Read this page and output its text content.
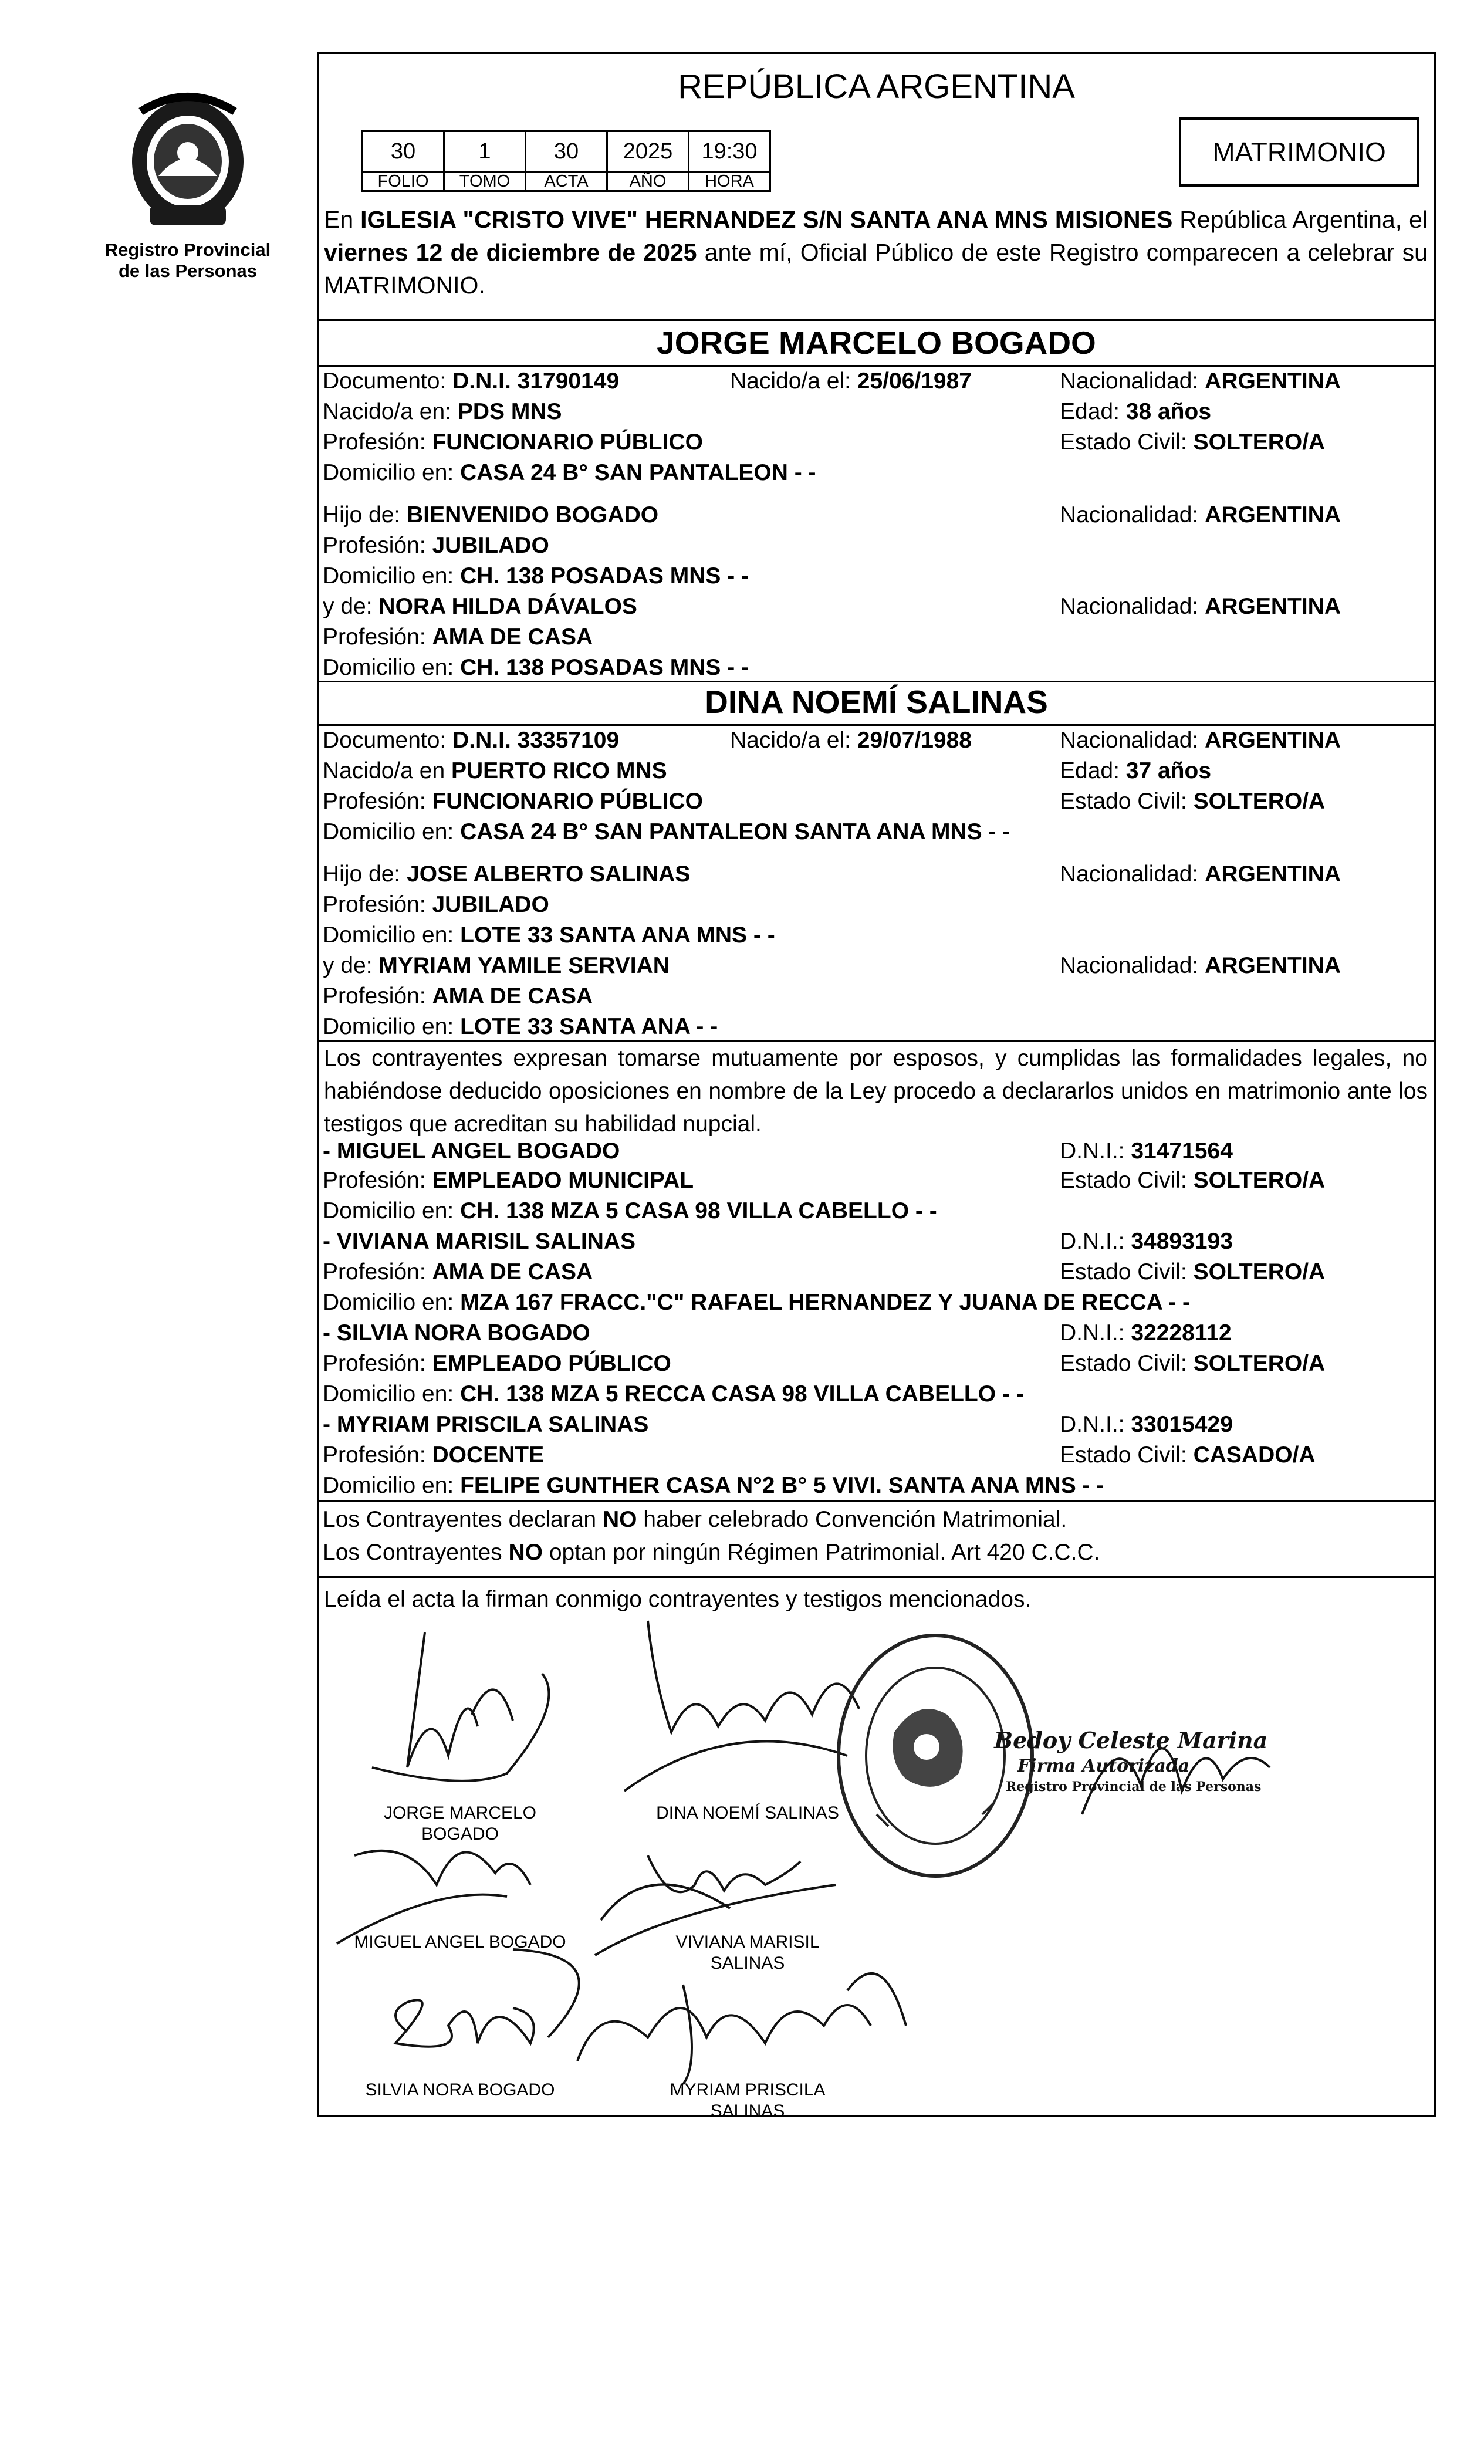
Registro Provincial
de las Personas
REPÚBLICA ARGENTINA
30	1	30	2025	19:30
FOLIO	TOMO	ACTA	AÑO	HORA
MATRIMONIO
En IGLESIA "CRISTO VIVE" HERNANDEZ S/N SANTA ANA MNS MISIONES República Argentina, el viernes 12 de diciembre de 2025 ante mí, Oficial Público de este Registro comparecen a celebrar su MATRIMONIO.
JORGE MARCELO BOGADO
Documento: D.N.I. 31790149	Nacido/a el: 25/06/1987	Nacionalidad: ARGENTINA
Nacido/a en: PDS MNS	Edad: 38 años
Profesión: FUNCIONARIO PÚBLICO	Estado Civil: SOLTERO/A
Domicilio en: CASA 24 B° SAN PANTALEON - -
Hijo de: BIENVENIDO BOGADO	Nacionalidad: ARGENTINA
Profesión: JUBILADO
Domicilio en: CH. 138 POSADAS MNS - -
y de: NORA HILDA DÁVALOS	Nacionalidad: ARGENTINA
Profesión: AMA DE CASA
Domicilio en: CH. 138 POSADAS MNS - -
DINA NOEMÍ SALINAS
Documento: D.N.I. 33357109	Nacido/a el: 29/07/1988	Nacionalidad: ARGENTINA
Nacido/a en PUERTO RICO MNS	Edad: 37 años
Profesión: FUNCIONARIO PÚBLICO	Estado Civil: SOLTERO/A
Domicilio en: CASA 24 B° SAN PANTALEON SANTA ANA MNS - -
Hijo de: JOSE ALBERTO SALINAS	Nacionalidad: ARGENTINA
Profesión: JUBILADO
Domicilio en: LOTE 33 SANTA ANA MNS - -
y de: MYRIAM YAMILE SERVIAN	Nacionalidad: ARGENTINA
Profesión: AMA DE CASA
Domicilio en: LOTE 33 SANTA ANA - -
Los contrayentes expresan tomarse mutuamente por esposos, y cumplidas las formalidades legales, no habiéndose deducido oposiciones en nombre de la Ley procedo a declararlos unidos en matrimonio ante los testigos que acreditan su habilidad nupcial.
- MIGUEL ANGEL BOGADO	D.N.I.: 31471564
Profesión: EMPLEADO MUNICIPAL	Estado Civil: SOLTERO/A
Domicilio en: CH. 138 MZA 5 CASA 98 VILLA CABELLO - -
- VIVIANA MARISIL SALINAS	D.N.I.: 34893193
Profesión: AMA DE CASA	Estado Civil: SOLTERO/A
Domicilio en: MZA 167 FRACC."C" RAFAEL HERNANDEZ Y JUANA DE RECCA - -
- SILVIA NORA BOGADO	D.N.I.: 32228112
Profesión: EMPLEADO PÚBLICO	Estado Civil: SOLTERO/A
Domicilio en: CH. 138 MZA 5 RECCA CASA 98 VILLA CABELLO - -
- MYRIAM PRISCILA SALINAS	D.N.I.: 33015429
Profesión: DOCENTE	Estado Civil: CASADO/A
Domicilio en: FELIPE GUNTHER CASA N°2 B° 5 VIVI. SANTA ANA MNS - -
Los Contrayentes declaran NO haber celebrado Convención Matrimonial.
Los Contrayentes NO optan por ningún Régimen Patrimonial. Art 420 C.C.C.
Leída el acta la firman conmigo contrayentes y testigos mencionados.
JORGE MARCELO
BOGADO
DINA NOEMÍ SALINAS
MIGUEL ANGEL BOGADO	VIVIANA MARISIL
SALINAS
SILVIA NORA BOGADO	MYRIAM PRISCILA
SALINAS
Bedoy Celeste Marina
Firma Autorizada
Registro Provincial de las Personas
